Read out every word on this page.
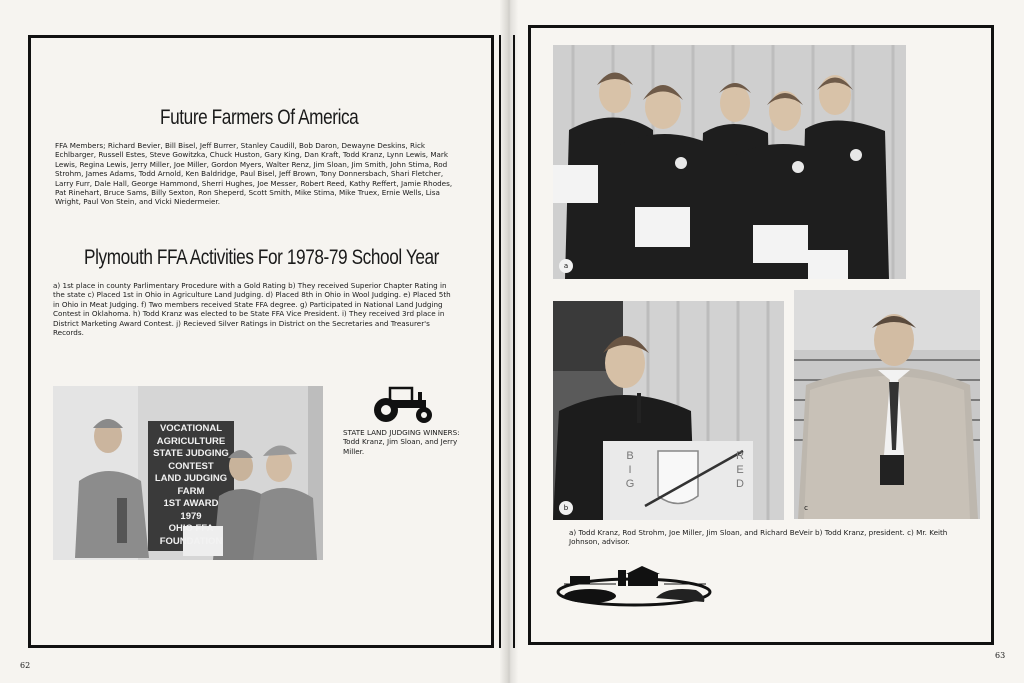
Future Farmers Of America

FFA Members; Richard Bevier, Bill Bisel, Jeff Burrer, Stanley Caudill, Bob Daron, Dewayne Deskins, Rick Echlbarger, Russell Estes, Steve Gowitzka, Chuck Huston, Gary King, Dan Kraft, Todd Kranz, Lynn Lewis, Mark Lewis, Regina Lewis, Jerry Miller, Joe Miller, Gordon Myers, Walter Renz, Jim Sloan, Jim Smith, John Stima, Rod Strohm, James Adams, Todd Arnold, Ken Baldridge, Paul Bisel, Jeff Brown, Tony Donnersbach, Shari Fletcher, Larry Furr, Dale Hall, George Hammond, Sherri Hughes, Joe Messer, Robert Reed, Kathy Reffert, Jamie Rhodes, Pat Rinehart, Bruce Sams, Billy Sexton, Ron Sheperd, Scott Smith, Mike Stima, Mike Truex, Ernie Wells, Lisa Wright, Paul Von Stein, and Vicki Niedermeier.

Plymouth FFA Activities For 1978-79 School Year

a) 1st place in county Parlimentary Procedure with a Gold Rating b) They received Superior Chapter Rating in the state c) Placed 1st in Ohio in Agriculture Land Judging. d) Placed 8th in Ohio in Wool Judging. e) Placed 5th in Ohio in Meat Judging. f) Two members received State FFA degree. g) Participated in National Land Judging Contest in Oklahoma. h) Todd Kranz was elected to be State FFA Vice President. i) They received 3rd place in District Marketing Award Contest. j) Recieved Silver Ratings in District on the Secretaries and Treasurer's Records.

VOCATIONAL
AGRICULTURE
STATE JUDGING
CONTEST
LAND JUDGING
FARM
1ST AWARD
1979
OHIO FFA
FOUNDATION

STATE LAND JUDGING WINNERS: Todd Kranz, Jim Sloan, and Jerry Miller.

62
a
BIG
RED
b	c

a) Todd Kranz, Rod Strohm, Joe Miller, Jim Sloan, and Richard BeVeir b) Todd Kranz, president. c) Mr. Keith Johnson, advisor.

63
